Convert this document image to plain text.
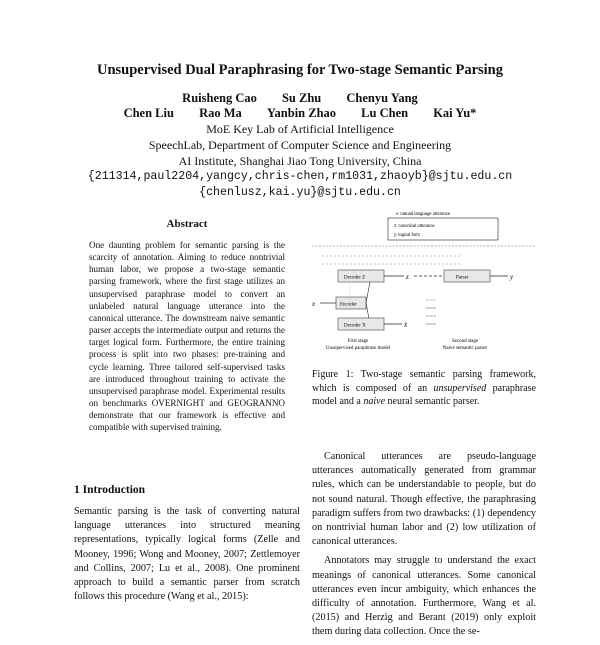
Unsupervised Dual Paraphrasing for Two-stage Semantic Parsing
Ruisheng Cao Su Zhu Chenyu Yang
Chen Liu Rao Ma Yanbin Zhao Lu Chen Kai Yu*
MoE Key Lab of Artificial Intelligence
SpeechLab, Department of Computer Science and Engineering
AI Institute, Shanghai Jiao Tong University, China
{211314,paul2204,yangcy,chris-chen,rm1031,zhaoyb}@sjtu.edu.cn
{chenlusz,kai.yu}@sjtu.edu.cn
Abstract
One daunting problem for semantic parsing is the scarcity of annotation. Aiming to reduce nontrivial human labor, we propose a two-stage semantic parsing framework, where the first stage utilizes an unsupervised paraphrase model to convert an unlabeled natural language utterance into the canonical utterance. The downstream naive semantic parser accepts the intermediate output and returns the target logical form. Furthermore, the entire training process is split into two phases: pre-training and cycle learning. Three tailored self-supervised tasks are introduced throughout training to activate the unsupervised paraphrase model. Experimental results on benchmarks OVERNIGHT and GEOGRANNO demonstrate that our framework is effective and compatible with supervised training.
1 Introduction
Semantic parsing is the task of converting natural language utterances into structured meaning representations, typically logical forms (Zelle and Mooney, 1996; Wong and Mooney, 2007; Zettlemoyer and Collins, 2007; Lu et al., 2008). One prominent approach to build a semantic parser from scratch follows this procedure (Wang et al., 2015):
x: natural language utterance
z: canonical utterance
y: logical form
Decoder Z	z	Parser	y
x	Encoder
Decoder X	x̂
First stage
Unsupervised paraphrase model
Second stage
Naive semantic parser
Figure 1: Two-stage semantic parsing framework, which is composed of an unsupervised paraphrase model and a naive neural semantic parser.

Canonical utterances are pseudo-language utterances automatically generated from grammar rules, which can be understandable to people, but do not sound natural. Though effective, the paraphrasing paradigm suffers from two drawbacks: (1) dependency on nontrivial human labor and (2) low utilization of canonical utterances.

Annotators may struggle to understand the exact meanings of canonical utterances. Some canonical utterances even incur ambiguity, which enhances the difficulty of annotation. Furthermore, Wang et al. (2015) and Herzig and Berant (2019) only exploit them during data collection. Once the se-
